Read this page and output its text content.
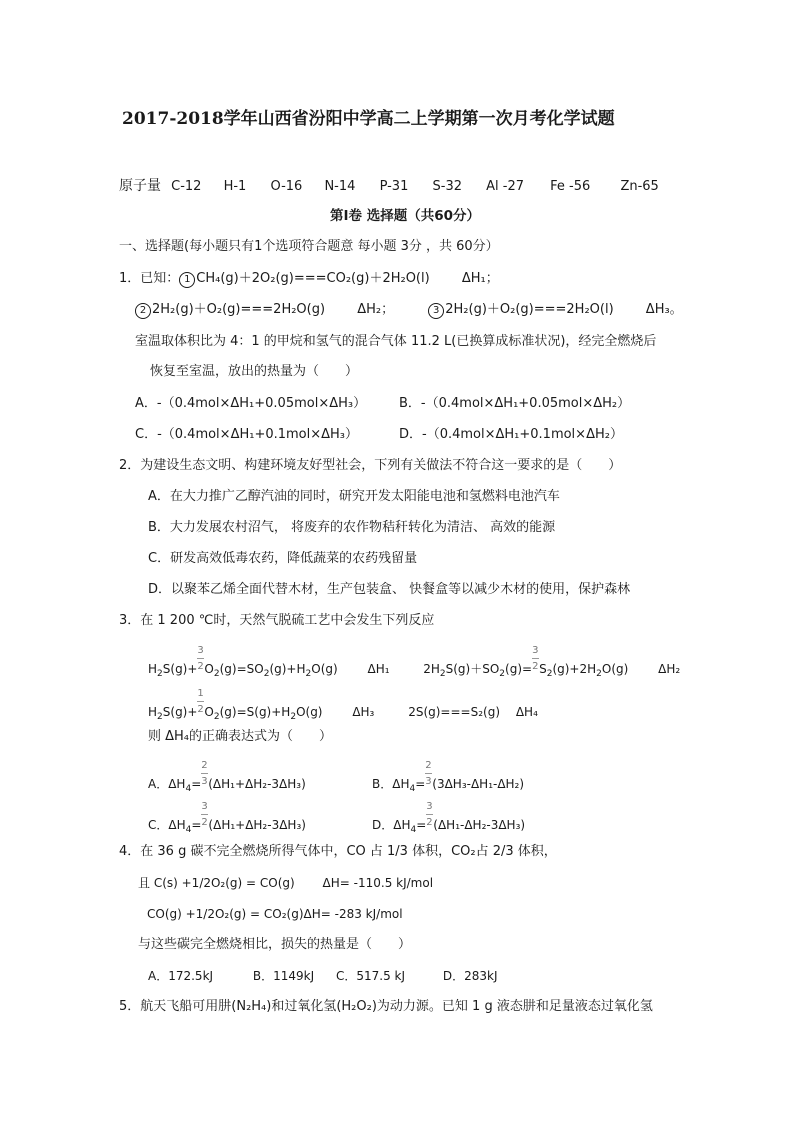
2017-2018学年山西省汾阳中学高二上学期第一次月考化学试题
原子量 C-12 H-1 O-16 N-14 P-31 S-32 Al -27 Fe -56 Zn-65
第Ⅰ卷 选择题（共60分）
一、选择题(每小题只有1个选项符合题意 每小题 3分 ，共 60分）
1．已知： 1 CH₄(g)＋2O₂(g)===CO₂(g)＋2H₂O(l) ΔH₁；
2 2H₂(g)＋O₂(g)===2H₂O(g) ΔH₂；	3 2H₂(g)＋O₂(g)===2H₂O(l) ΔH₃。
室温取体积比为 4：1 的甲烷和氢气的混合气体 11.2 L(已换算成标准状况)，经完全燃烧后
恢复至室温，放出的热量为（　　）
A．-（0.4mol×ΔH₁+0.05mol×ΔH₃）	B．-（0.4mol×ΔH₁+0.05mol×ΔH₂）
C．-（0.4mol×ΔH₁+0.1mol×ΔH₃）	D．-（0.4mol×ΔH₁+0.1mol×ΔH₂）
2．为建设生态文明、构建环境友好型社会，下列有关做法不符合这一要求的是（　　）
A．在大力推广乙醇汽油的同时，研究开发太阳能电池和氢燃料电池汽车
B．大力发展农村沼气， 将废弃的农作物秸秆转化为清洁、 高效的能源
C．研发高效低毒农药，降低蔬菜的农药残留量
D．以聚苯乙烯全面代替木材，生产包装盒、 快餐盒等以减少木材的使用，保护森林
3．在 1 200 ℃时，天然气脱硫工艺中会发生下列反应
$H_2S(g)+ \frac{3}{2} O_2(g)=SO_2(g)+H_2O(g)$ ΔH₁	$2H_2S(g)+SO_2(g)= \frac{3}{2} S_2(g)+2H_2O(g)$ ΔH₂
$H_2S(g)+ \frac{1}{2} O_2(g)=S(g)+H_2O(g)$ ΔH₃	2S(g)===S₂(g) ΔH₄
则 ΔH₄的正确表达式为（　　）
A．$\Delta H_4= \frac{2}{3} (\Delta H_1+\Delta H_2-3\Delta H_3)$	B．$\Delta H_4= \frac{2}{3} (3\Delta H_3-\Delta H_1-\Delta H_2)$
C．$\Delta H_4= \frac{3}{2} (\Delta H_1+\Delta H_2-3\Delta H_3)$	D．$\Delta H_4= \frac{3}{2} (\Delta H_1-\Delta H_2-3\Delta H_3)$
4．在 36 g 碳不完全燃烧所得气体中，CO 占 1/3 体积，CO₂占 2/3 体积，
且 C(s) +1/2O₂(g) = CO(g) ΔH= -110.5 kJ/mol
CO(g) +1/2O₂(g) = CO₂(g)ΔH= -283 kJ/mol
与这些碳完全燃烧相比，损失的热量是（　　）
A．172.5kJ	B．1149kJ C．517.5 kJ	D．283kJ
5．航天飞船可用肼(N₂H₄)和过氧化氢(H₂O₂)为动力源。已知 1 g 液态肼和足量液态过氧化氢
